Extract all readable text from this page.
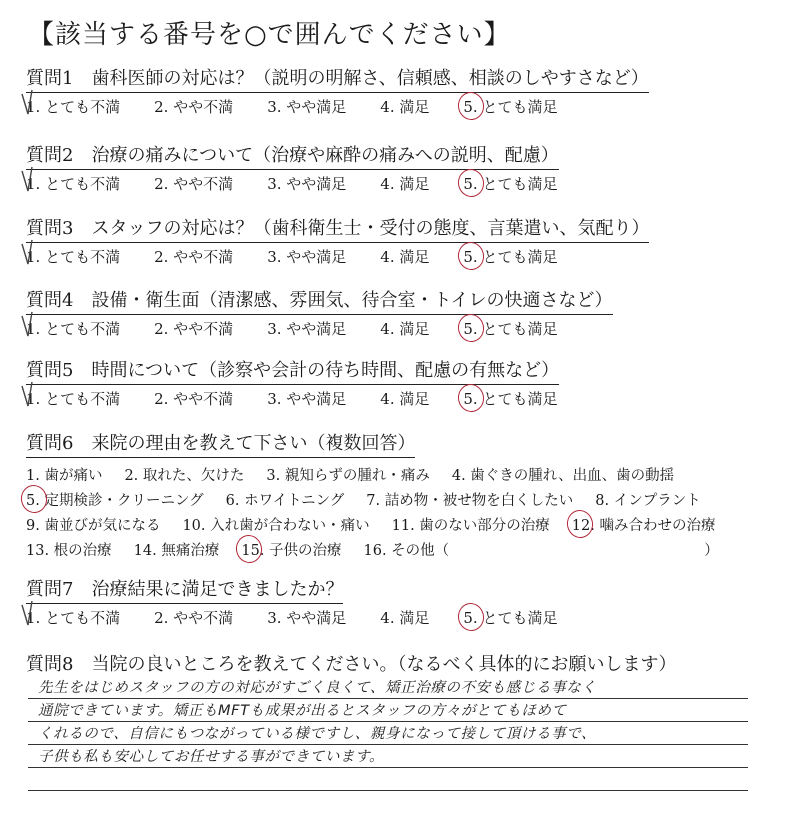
【該当する番号を○で囲んでください】
質問1　歯科医師の対応は？（説明の明解さ、信頼感、相談のしやすさなど）
1. とても不満	2. やや不満	3. やや満足	4. 満足	5. とても満足
質問2　治療の痛みについて（治療や麻酔の痛みへの説明、配慮）
1. とても不満	2. やや不満	3. やや満足	4. 満足	5. とても満足
質問3　スタッフの対応は？（歯科衛生士・受付の態度、言葉遣い、気配り）
1. とても不満	2. やや不満	3. やや満足	4. 満足	5. とても満足
質問4　設備・衛生面（清潔感、雰囲気、待合室・トイレの快適さなど）
1. とても不満	2. やや不満	3. やや満足	4. 満足	5. とても満足
質問5　時間について（診察や会計の待ち時間、配慮の有無など）
1. とても不満	2. やや不満	3. やや満足	4. 満足	5. とても満足
質問6　来院の理由を教えて下さい（複数回答）
1. 歯が痛い	2. 取れた、欠けた	3. 親知らずの腫れ・痛み	4. 歯ぐきの腫れ、出血、歯の動揺
5. 定期検診・クリーニング	6. ホワイトニング	7. 詰め物・被せ物を白くしたい	8. インプラント
9. 歯並びが気になる	10. 入れ歯が合わない・痛い	11. 歯のない部分の治療	12. 噛み合わせの治療
13. 根の治療	14. 無痛治療	15. 子供の治療	16. その他（	）
質問7　治療結果に満足できましたか？
1. とても不満	2. やや不満	3. やや満足	4. 満足	5. とても満足
質問8　当院の良いところを教えてください。（なるべく具体的にお願いします）
先生をはじめスタッフの方の対応がすごく良くて、矯正治療の不安も感じる事なく
通院できています。矯正もMFTも成果が出るとスタッフの方々がとてもほめて
くれるので、自信にもつながっている様ですし、親身になって接して頂ける事で、
子供も私も安心してお任せする事ができています。
